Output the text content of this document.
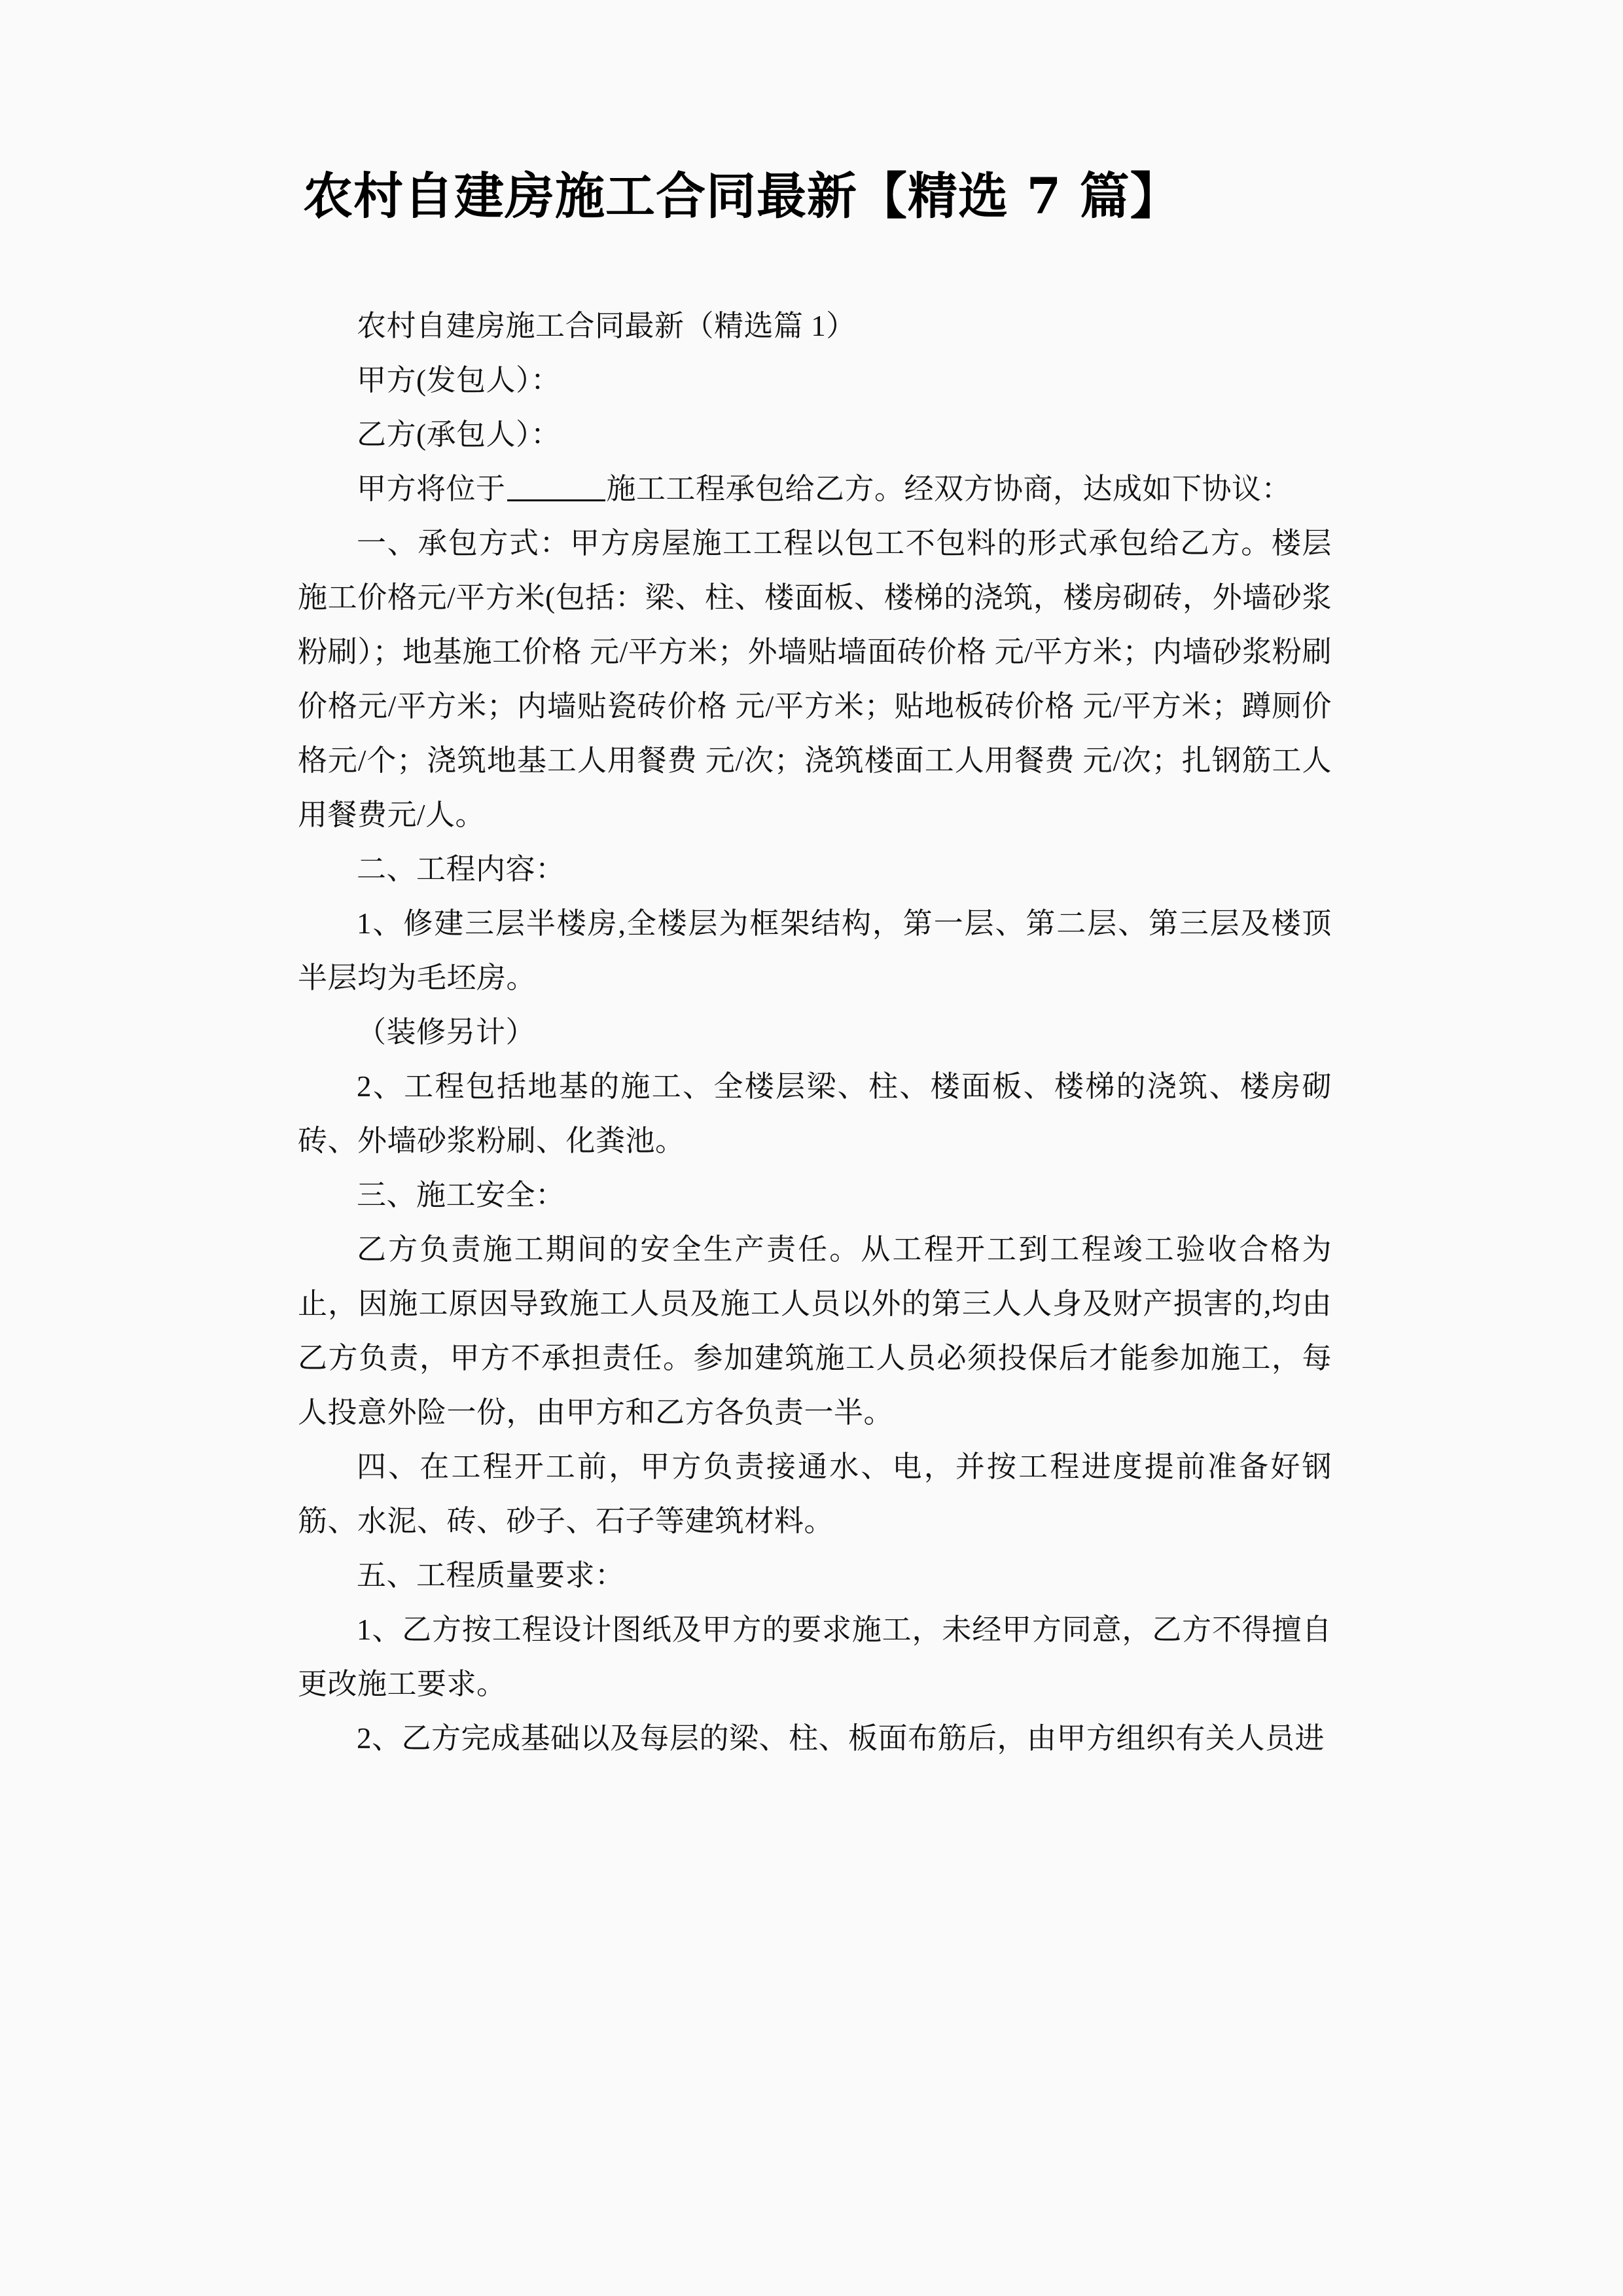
农村自建房施工合同最新【精选 7 篇】

农村自建房施工合同最新（精选篇 1）

甲方(发包人）：

乙方(承包人）：

甲方将位于	施工工程承包给乙方。经双方协商，达成如下协议：

一、承包方式：甲方房屋施工工程以包工不包料的形式承包给乙方。楼层施工价格元/平方米(包括：梁、柱、楼面板、楼梯的浇筑，楼房砌砖，外墙砂浆粉刷）；地基施工价格 元/平方米；外墙贴墙面砖价格 元/平方米；内墙砂浆粉刷价格元/平方米；内墙贴瓷砖价格 元/平方米；贴地板砖价格 元/平方米；蹲厕价格元/个；浇筑地基工人用餐费 元/次；浇筑楼面工人用餐费 元/次；扎钢筋工人用餐费元/人。

二、工程内容：

1、修建三层半楼房,全楼层为框架结构，第一层、第二层、第三层及楼顶半层均为毛坯房。

（装修另计）

2、工程包括地基的施工、全楼层梁、柱、楼面板、楼梯的浇筑、楼房砌砖、外墙砂浆粉刷、化粪池。

三、施工安全：

乙方负责施工期间的安全生产责任。从工程开工到工程竣工验收合格为止，因施工原因导致施工人员及施工人员以外的第三人人身及财产损害的,均由乙方负责，甲方不承担责任。参加建筑施工人员必须投保后才能参加施工，每人投意外险一份，由甲方和乙方各负责一半。

四、在工程开工前，甲方负责接通水、电，并按工程进度提前准备好钢筋、水泥、砖、砂子、石子等建筑材料。

五、工程质量要求：

1、乙方按工程设计图纸及甲方的要求施工，未经甲方同意，乙方不得擅自更改施工要求。

2、乙方完成基础以及每层的梁、柱、板面布筋后，由甲方组织有关人员进
